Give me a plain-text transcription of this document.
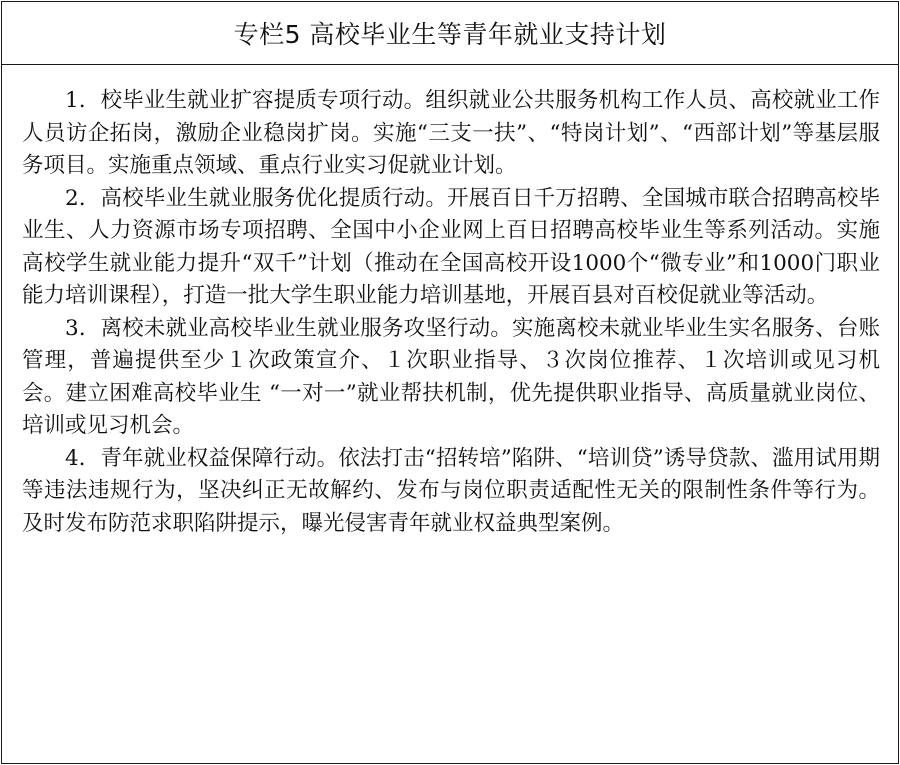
专栏5 高校毕业生等青年就业支持计划

1．校毕业生就业扩容提质专项行动。组织就业公共服务机构工作人员、高校就业工作人员访企拓岗，激励企业稳岗扩岗。实施“三支一扶”、“特岗计划”、“西部计划”等基层服务项目。实施重点领域、重点行业实习促就业计划。

2．高校毕业生就业服务优化提质行动。开展百日千万招聘、全国城市联合招聘高校毕业生、人力资源市场专项招聘、全国中小企业网上百日招聘高校毕业生等系列活动。实施高校学生就业能力提升“双千”计划（推动在全国高校开设1000个“微专业”和1000门职业能力培训课程），打造一批大学生职业能力培训基地，开展百县对百校促就业等活动。

3．离校未就业高校毕业生就业服务攻坚行动。实施离校未就业毕业生实名服务、台账管理，普遍提供至少１次政策宣介、１次职业指导、３次岗位推荐、１次培训或见习机会。建立困难高校毕业生 “一对一”就业帮扶机制，优先提供职业指导、高质量就业岗位、培训或见习机会。

4．青年就业权益保障行动。依法打击“招转培”陷阱、“培训贷”诱导贷款、滥用试用期等违法违规行为，坚决纠正无故解约、发布与岗位职责适配性无关的限制性条件等行为。及时发布防范求职陷阱提示，曝光侵害青年就业权益典型案例。
